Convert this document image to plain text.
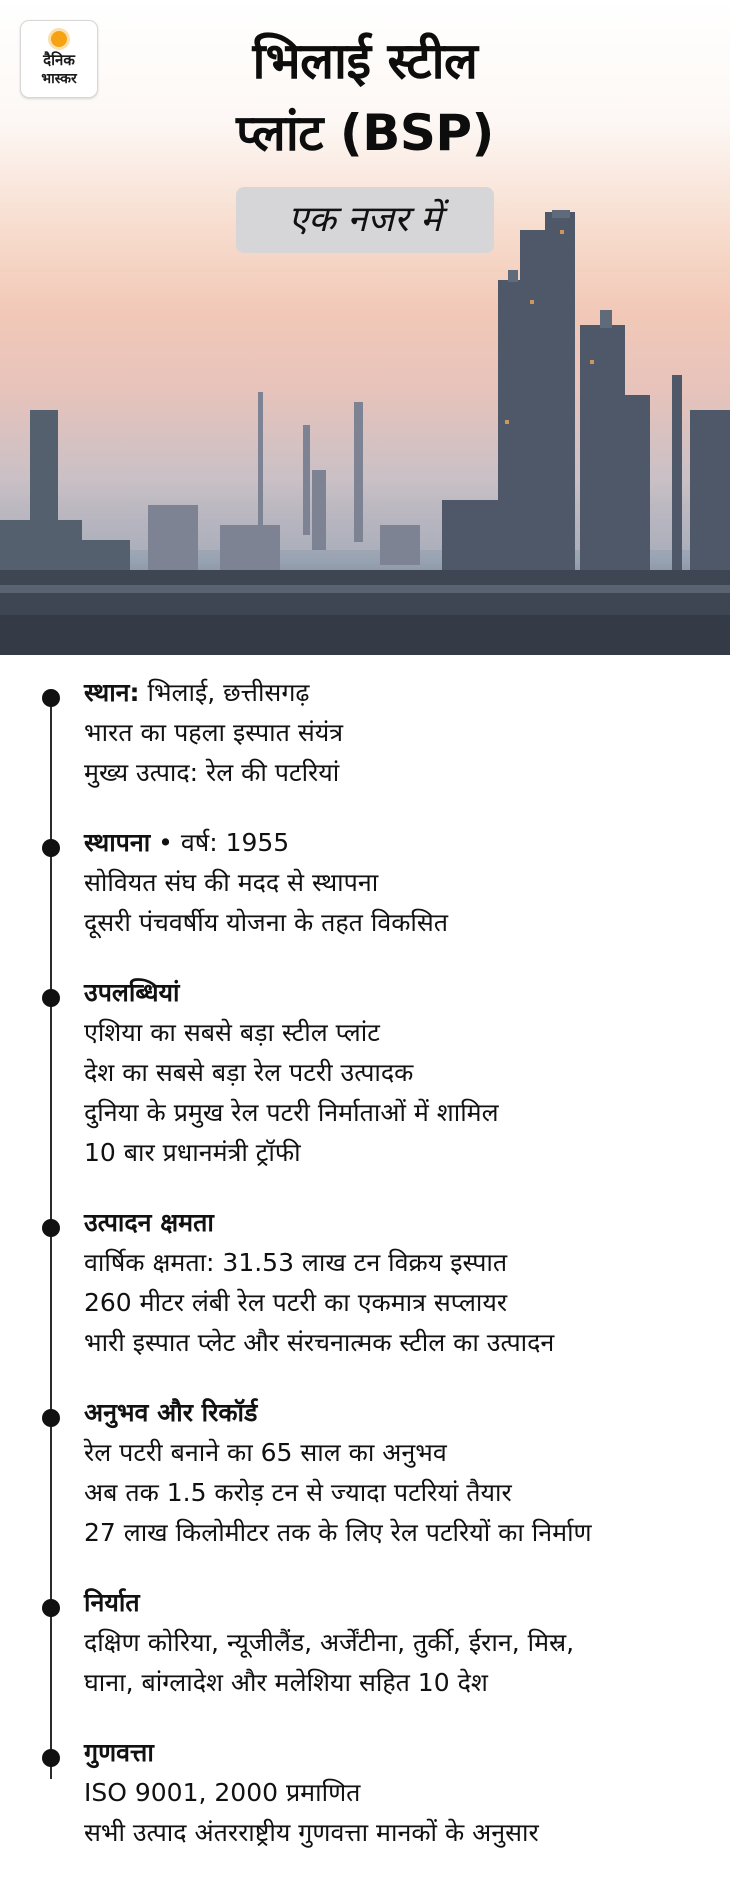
दैनिक
भास्कर	भिलाई स्टील
प्लांट (BSP)
एक नजर में
स्थान: भिलाई, छत्तीसगढ़
भारत का पहला इस्पात संयंत्र
मुख्य उत्पाद: रेल की पटरियां
स्थापना • वर्ष: 1955
सोवियत संघ की मदद से स्थापना
दूसरी पंचवर्षीय योजना के तहत विकसित
उपलब्धियां
एशिया का सबसे बड़ा स्टील प्लांट
देश का सबसे बड़ा रेल पटरी उत्पादक
दुनिया के प्रमुख रेल पटरी निर्माताओं में शामिल
10 बार प्रधानमंत्री ट्रॉफी
उत्पादन क्षमता
वार्षिक क्षमता: 31.53 लाख टन विक्रय इस्पात
260 मीटर लंबी रेल पटरी का एकमात्र सप्लायर
भारी इस्पात प्लेट और संरचनात्मक स्टील का उत्पादन
अनुभव और रिकॉर्ड
रेल पटरी बनाने का 65 साल का अनुभव
अब तक 1.5 करोड़ टन से ज्यादा पटरियां तैयार
27 लाख किलोमीटर तक के लिए रेल पटरियों का निर्माण
निर्यात
दक्षिण कोरिया, न्यूजीलैंड, अर्जेंटीना, तुर्की, ईरान, मिस्र,
घाना, बांग्लादेश और मलेशिया सहित 10 देश
गुणवत्ता
ISO 9001, 2000 प्रमाणित
सभी उत्पाद अंतरराष्ट्रीय गुणवत्ता मानकों के अनुसार
